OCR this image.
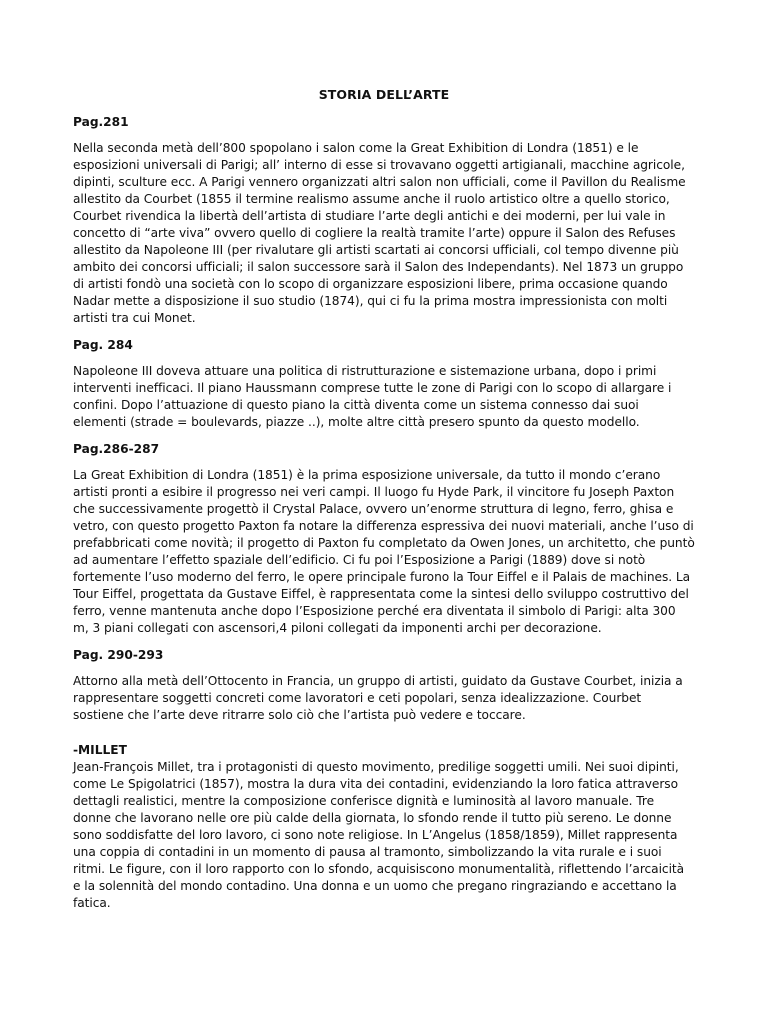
STORIA DELL’ARTE
Pag.281

Nella seconda metà dell’800 spopolano i salon come la Great Exhibition di Londra (1851) e le esposizioni universali di Parigi; all’ interno di esse si trovavano oggetti artigianali, macchine agricole, dipinti, sculture ecc. A Parigi vennero organizzati altri salon non ufficiali, come il Pavillon du Realisme allestito da Courbet (1855 il termine realismo assume anche il ruolo artistico oltre a quello storico, Courbet rivendica la libertà dell’artista di studiare l’arte degli antichi e dei moderni, per lui vale in concetto di “arte viva” ovvero quello di cogliere la realtà tramite l’arte) oppure il Salon des Refuses allestito da Napoleone III (per rivalutare gli artisti scartati ai concorsi ufficiali, col tempo divenne più ambito dei concorsi ufficiali; il salon successore sarà il Salon des Independants). Nel 1873 un gruppo di artisti fondò una società con lo scopo di organizzare esposizioni libere, prima occasione quando Nadar mette a disposizione il suo studio (1874), qui ci fu la prima mostra impressionista con molti artisti tra cui Monet.

Pag. 284

Napoleone III doveva attuare una politica di ristrutturazione e sistemazione urbana, dopo i primi interventi inefficaci. Il piano Haussmann comprese tutte le zone di Parigi con lo scopo di allargare i confini. Dopo l’attuazione di questo piano la città diventa come un sistema connesso dai suoi elementi (strade = boulevards, piazze ..), molte altre città presero spunto da questo modello.

Pag.286-287

La Great Exhibition di Londra (1851) è la prima esposizione universale, da tutto il mondo c’erano artisti pronti a esibire il progresso nei veri campi. Il luogo fu Hyde Park, il vincitore fu Joseph Paxton che successivamente progettò il Crystal Palace, ovvero un’enorme struttura di legno, ferro, ghisa e vetro, con questo progetto Paxton fa notare la differenza espressiva dei nuovi materiali, anche l’uso di prefabbricati come novità; il progetto di Paxton fu completato da Owen Jones, un architetto, che puntò ad aumentare l’effetto spaziale dell’edificio. Ci fu poi l’Esposizione a Parigi (1889) dove si notò fortemente l’uso moderno del ferro, le opere principale furono la Tour Eiffel e il Palais de machines. La Tour Eiffel, progettata da Gustave Eiffel, è rappresentata come la sintesi dello sviluppo costruttivo del ferro, venne mantenuta anche dopo l’Esposizione perché era diventata il simbolo di Parigi: alta 300 m, 3 piani collegati con ascensori,4 piloni collegati da imponenti archi per decorazione.

Pag. 290-293

Attorno alla metà dell’Ottocento in Francia, un gruppo di artisti, guidato da Gustave Courbet, inizia a rappresentare soggetti concreti come lavoratori e ceti popolari, senza idealizzazione. Courbet sostiene che l’arte deve ritrarre solo ciò che l’artista può vedere e toccare.

-MILLET

Jean-François Millet, tra i protagonisti di questo movimento, predilige soggetti umili. Nei suoi dipinti, come Le Spigolatrici (1857), mostra la dura vita dei contadini, evidenziando la loro fatica attraverso dettagli realistici, mentre la composizione conferisce dignità e luminosità al lavoro manuale. Tre donne che lavorano nelle ore più calde della giornata, lo sfondo rende il tutto più sereno. Le donne sono soddisfatte del loro lavoro, ci sono note religiose. In L’Angelus (1858/1859), Millet rappresenta una coppia di contadini in un momento di pausa al tramonto, simbolizzando la vita rurale e i suoi ritmi. Le figure, con il loro rapporto con lo sfondo, acquisiscono monumentalità, riflettendo l’arcaicità e la solennità del mondo contadino. Una donna e un uomo che pregano ringraziando e accettano la fatica.
